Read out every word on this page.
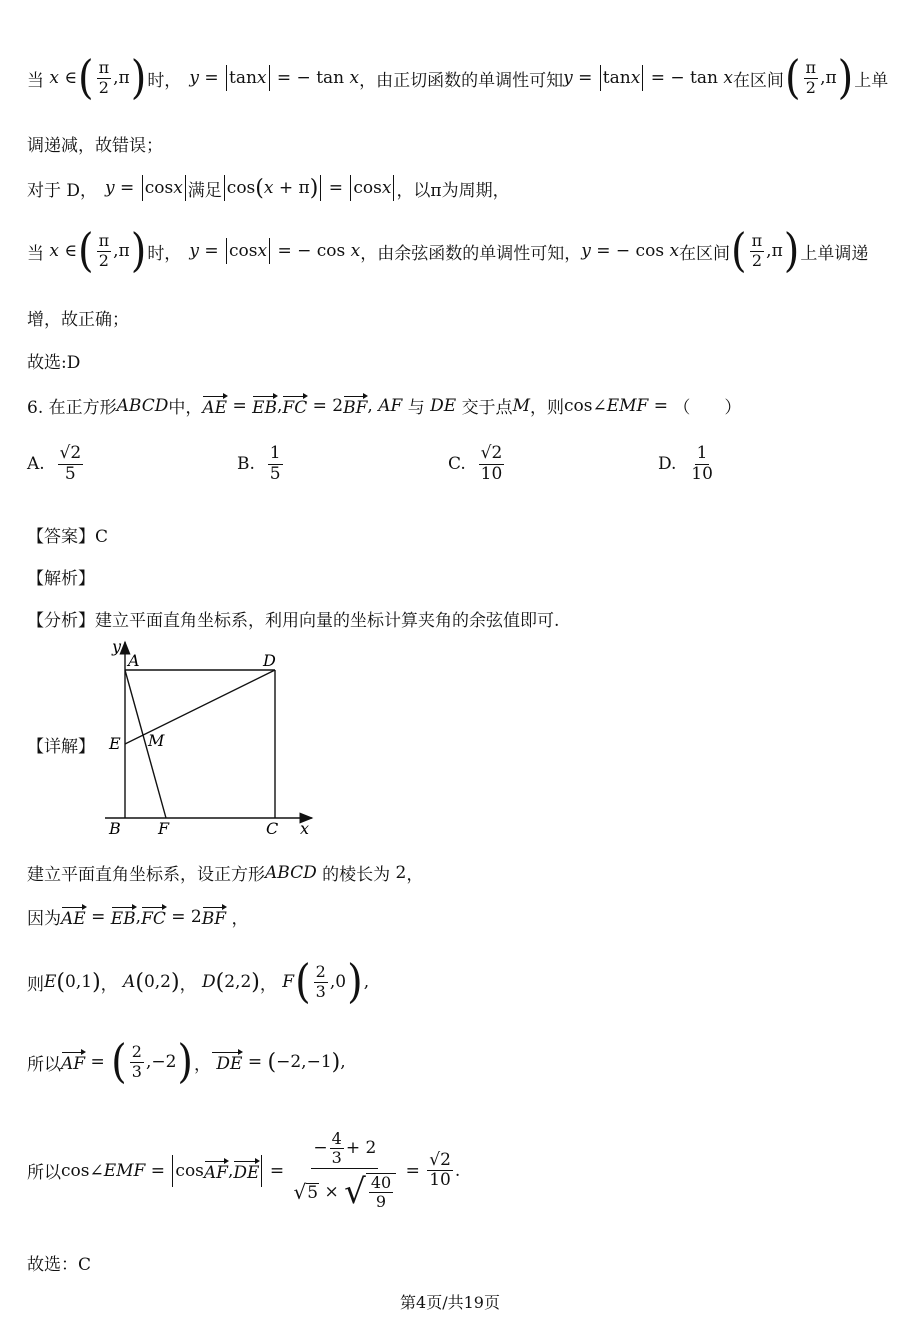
当 x ∈ ( $\frac{\pi}{2} ,\pi$ ) 时， y =
tan x = − tan x ，由正切函数的单调性可知 y =
tan x = − tan x 在区间 ( $\frac{\pi}{2} ,\pi$ ) 上单
调递减，故错误；
对于 D， y =
cos x 满足 cos ( x + π ) =
cos x ，以π为周期，
当 x ∈ ( $\frac{\pi}{2} ,\pi$ ) 时， y =
cos x = − cos x ，由余弦函数的单调性可知， y = − cos x 在区间 ( $\frac{\pi}{2} ,\pi$ ) 上单调递
增，故正确；
故选:D
6. 在正方形 ABCD 中， AE = EB , FC = 2 BF , AF
与
DE
交于点 M ，则 cos∠ EMF = （　　）
A.
$\frac{√2}{5}$	B.
$\frac{1}{5}$	C.
$\frac{√2}{10}$	D.
$\frac{1}{10}$
【答案】C
【解析】
【分析】建立平面直角坐标系，利用向量的坐标计算夹角的余弦值即可.
【详解】
y
x
A	D
E M
B F	C
建立平面直角坐标系，设正方形 ABCD
的棱长为 2 ，
因为 AE = EB , FC = 2 BF ，
则 E ( 0,1 ) ， A ( 0,2 ) ， D ( 2,2 ) ， F ( $\frac{2}{3} ,0$ ) ,
所以 AF = ( $\frac{2}{3} ,-2$ ) ， DE = ( −2,−1 ) ,
所以 cos∠ EMF =
cos AF , DE = $\frac{- \frac{4}{3} + 2}{√ 5 \times √ \frac{40}{9}} = \frac{√2}{10}$ .
故选：C
第4页/共19页
